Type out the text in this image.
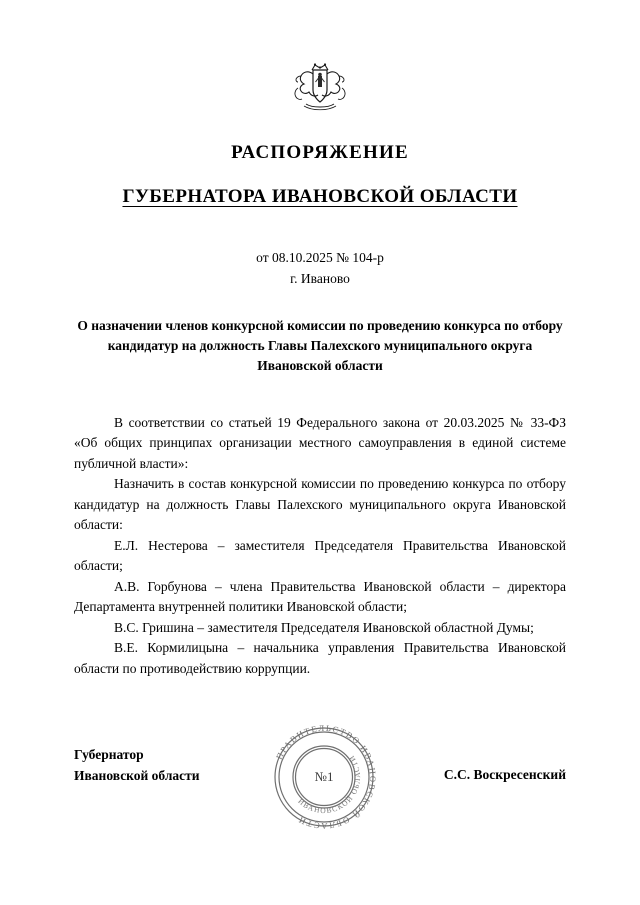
РАСПОРЯЖЕНИЕ
ГУБЕРНАТОРА ИВАНОВСКОЙ ОБЛАСТИ
от 08.10.2025 № 104-р
г. Иваново
О назначении членов конкурсной комиссии по проведению конкурса по отбору кандидатур на должность Главы Палехского муниципального округа Ивановской области

В соответствии со статьей 19 Федерального закона от 20.03.2025 № 33-ФЗ «Об общих принципах организации местного самоуправления в единой системе публичной власти»:

Назначить в состав конкурсной комиссии по проведению конкурса по отбору кандидатур на должность Главы Палехского муниципального округа Ивановской области:

Е.Л. Нестерова – заместителя Председателя Правительства Ивановской области;

А.В. Горбунова – члена Правительства Ивановской области – директора Департамента внутренней политики Ивановской области;

В.С. Гришина – заместителя Председателя Ивановской областной Думы;

В.Е. Кормилицына – начальника управления Правительства Ивановской области по противодействию коррупции.

Губернатор
Ивановской области
ПРАВИТЕЛЬСТВО ИВАНОВСКОЙ ОБЛАСТИ
ИВАНОВСКОЙ ОБЛАСТИ
№1	С.С. Воскресенский
